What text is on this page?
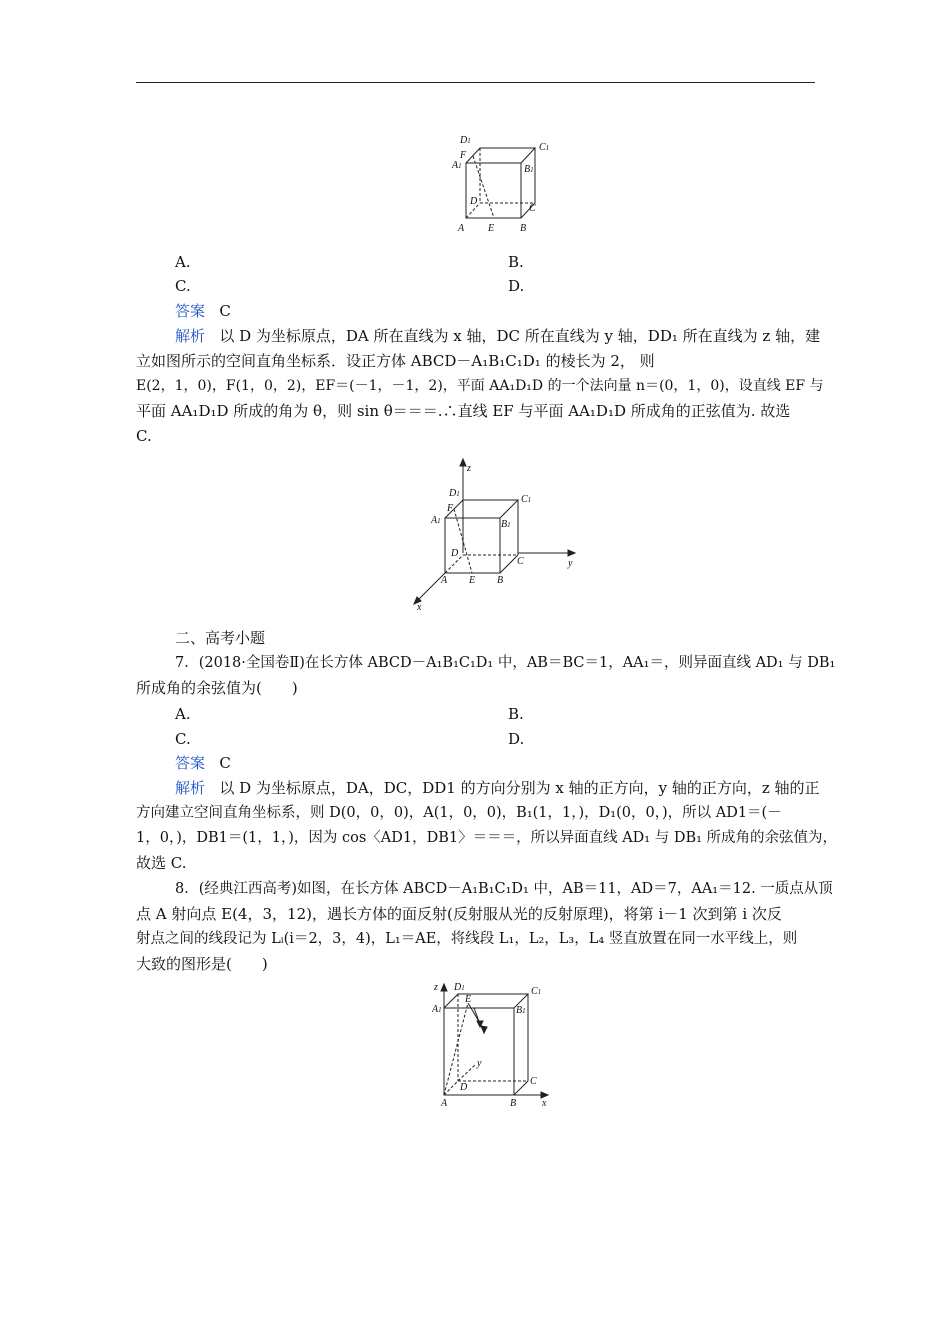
A1
D1
C1
B1
F
D
C
A E	B
A.	B.
C.	D.
答案 C
解析 以 D 为坐标原点，DA 所在直线为 x 轴，DC 所在直线为 y 轴，DD₁ 所在直线为 z 轴，建
立如图所示的空间直角坐标系．设正方体 ABCD－A₁B₁C₁D₁ 的棱长为 2， 则
E(2，1，0)，F(1，0，2)，EF＝(－1，－1，2)，平面 AA₁D₁D 的一个法向量 n＝(0，1，0)，设直线 EF 与
平面 AA₁D₁D 所成的角为 θ，则 sin θ＝＝＝.∴直线 EF 与平面 AA₁D₁D 所成角的正弦值为. 故选
C.
z
y
x
D1	C1
A1	B1
F
D
C
A E B
二、高考小题
7．(2018·全国卷Ⅱ)在长方体 ABCD－A₁B₁C₁D₁ 中，AB＝BC＝1，AA₁＝，则异面直线 AD₁ 与 DB₁
所成角的余弦值为(　　)
A.	B.
C.	D.
答案 C
解析 以 D 为坐标原点，DA，DC，DD1 的方向分别为 x 轴的正方向，y 轴的正方向，z 轴的正
方向建立空间直角坐标系，则 D(0，0，0)，A(1，0，0)，B₁(1，1，)，D₁(0，0，)，所以 AD1＝(－
1，0，)，DB1＝(1，1，)，因为 cos〈AD1，DB1〉＝＝＝，所以异面直线 AD₁ 与 DB₁ 所成角的余弦值为，
故选 C.
8．(经典江西高考)如图，在长方体 ABCD－A₁B₁C₁D₁ 中，AB＝11，AD＝7，AA₁＝12. 一质点从顶
点 A 射向点 E(4，3，12)，遇长方体的面反射(反射服从光的反射原理)，将第 i－1 次到第 i 次反
射点之间的线段记为 Lᵢ(i＝2，3，4)，L₁＝AE，将线段 L₁，L₂，L₃，L₄ 竖直放置在同一水平线上，则
大致的图形是(　　)
z
x
y
D1	C1
A1	B1
E
D
C
A	B
